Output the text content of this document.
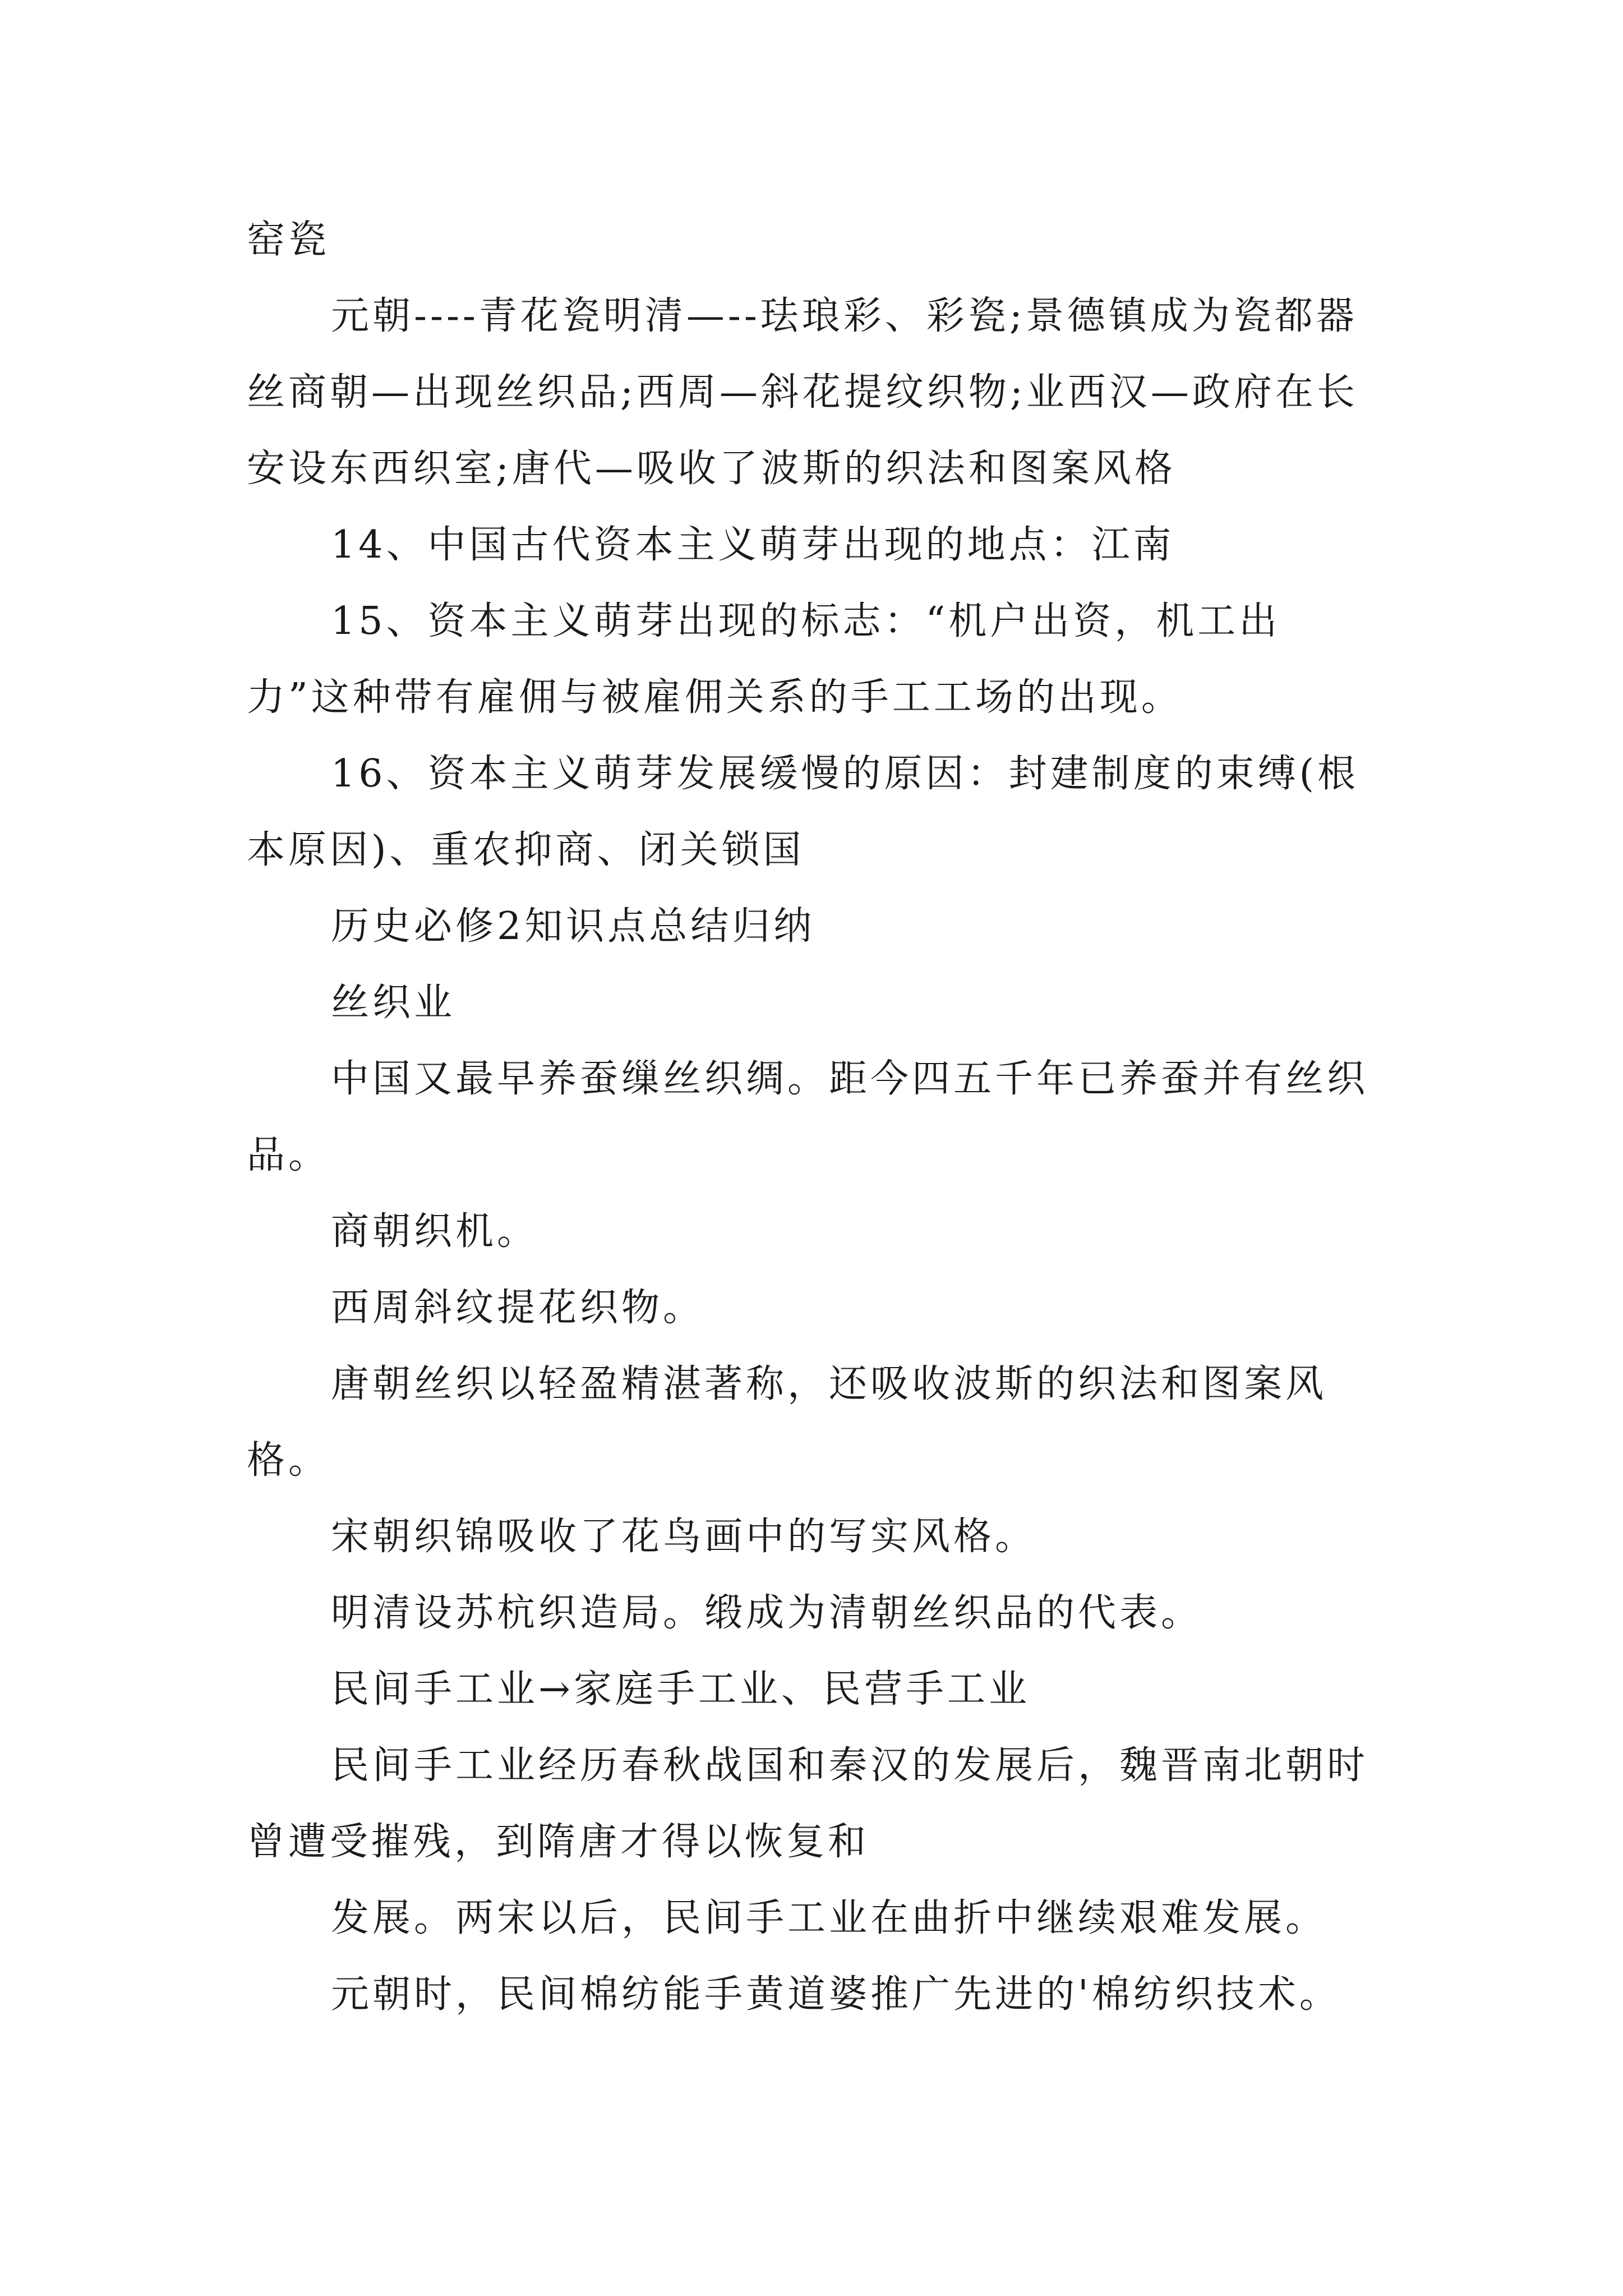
窑瓷

元朝----青花瓷明清—--珐琅彩、彩瓷;景德镇成为瓷都器丝商朝—出现丝织品;西周—斜花提纹织物;业西汉—政府在长安设东西织室;唐代—吸收了波斯的织法和图案风格

14、中国古代资本主义萌芽出现的地点：江南

15、资本主义萌芽出现的标志：“机户出资，机工出力”这种带有雇佣与被雇佣关系的手工工场的出现。

16、资本主义萌芽发展缓慢的原因：封建制度的束缚(根本原因)、重农抑商、闭关锁国

历史必修2知识点总结归纳

丝织业

中国又最早养蚕缫丝织绸。距今四五千年已养蚕并有丝织品。

商朝织机。

西周斜纹提花织物。

唐朝丝织以轻盈精湛著称，还吸收波斯的织法和图案风格。

宋朝织锦吸收了花鸟画中的写实风格。

明清设苏杭织造局。缎成为清朝丝织品的代表。

民间手工业→家庭手工业、民营手工业

民间手工业经历春秋战国和秦汉的发展后，魏晋南北朝时曾遭受摧残，到隋唐才得以恢复和

发展。两宋以后，民间手工业在曲折中继续艰难发展。

元朝时，民间棉纺能手黄道婆推广先进的'棉纺织技术。
